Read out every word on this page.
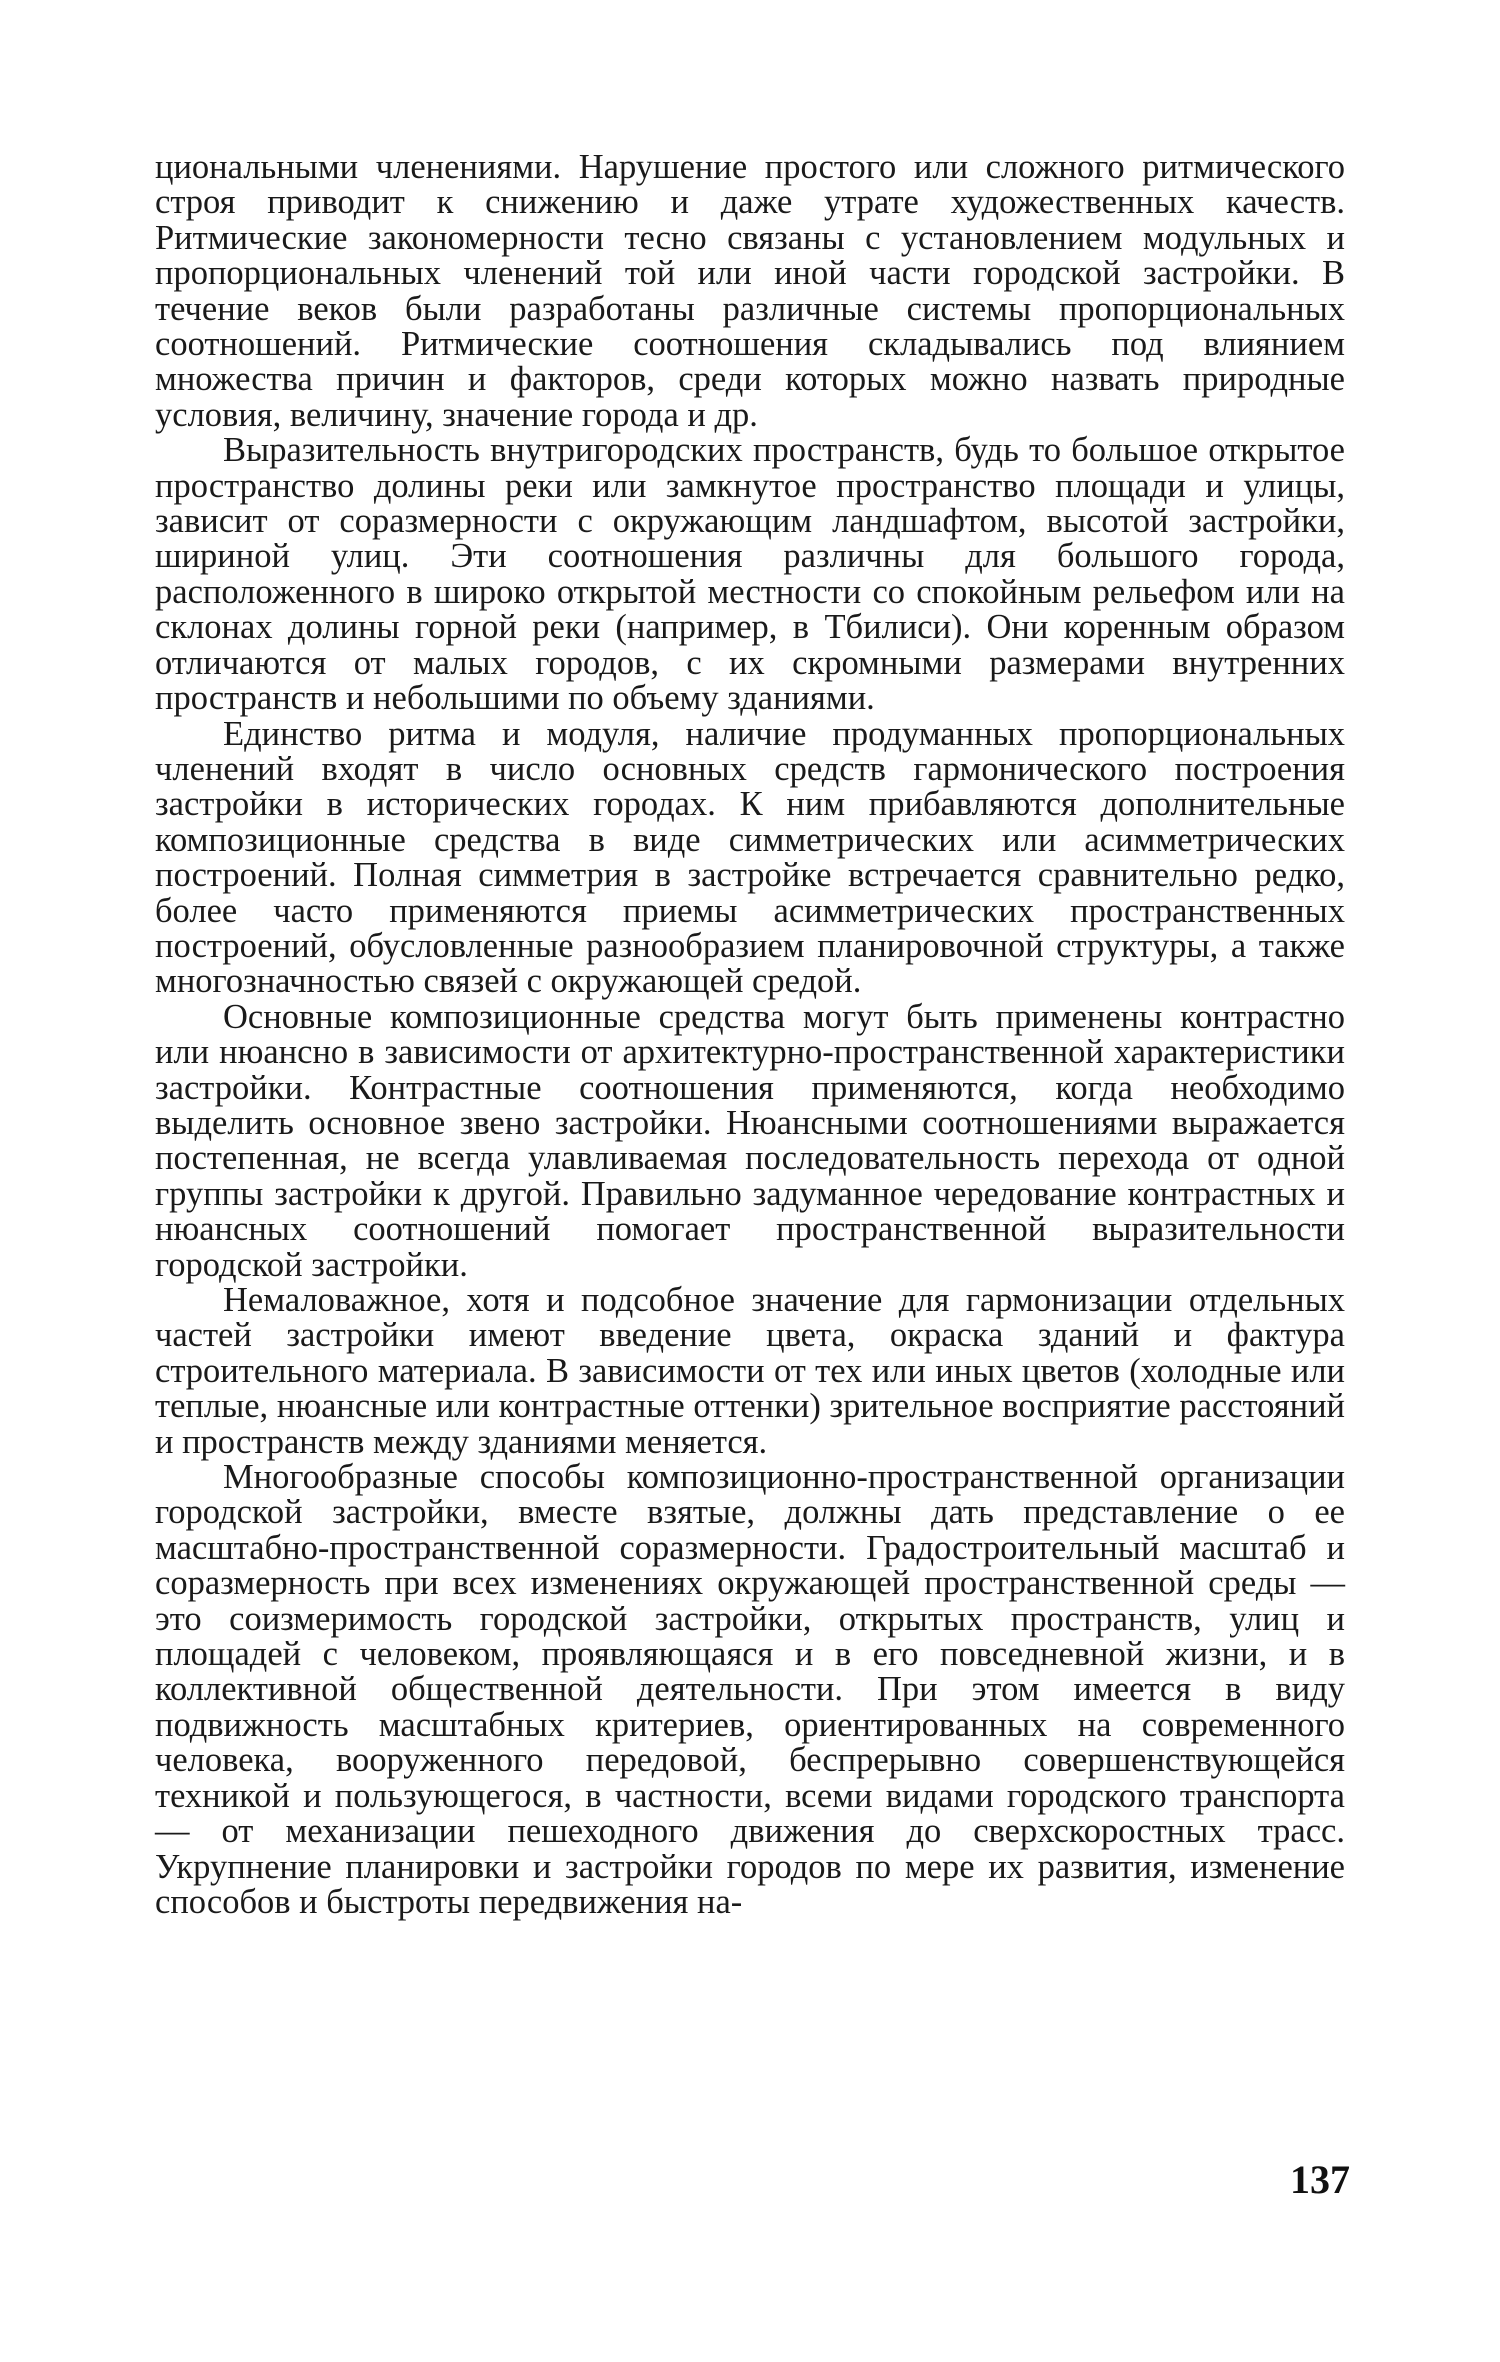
циональными членениями. Нарушение простого или сложного ритмического строя приводит к снижению и даже утрате художественных качеств. Ритмические закономерности тесно связаны с установлением модульных и пропорциональных членений той или иной части городской застройки. В течение веков были разработаны различные системы пропорциональных соотношений. Ритмические соотношения складывались под влиянием множества причин и факторов, среди которых можно назвать природные условия, величину, значение города и др.

Выразительность внутригородских пространств, будь то большое открытое пространство долины реки или замкнутое пространство площади и улицы, зависит от соразмерности с окружающим ландшафтом, высотой застройки, шириной улиц. Эти соотношения различны для большого города, расположенного в широко открытой местности со спокойным рельефом или на склонах долины горной реки (например, в Тбилиси). Они коренным образом отличаются от малых городов, с их скромными размерами внутренних пространств и небольшими по объему зданиями.

Единство ритма и модуля, наличие продуманных пропорциональных членений входят в число основных средств гармонического построения застройки в исторических городах. К ним прибавляются дополнительные композиционные средства в виде симметрических или асимметрических построений. Полная симметрия в застройке встречается сравнительно редко, более часто применяются приемы асимметрических пространственных построений, обусловленные разнообразием планировочной структуры, а также многозначностью связей с окружающей средой.

Основные композиционные средства могут быть применены контрастно или нюансно в зависимости от архитектурно-пространственной характеристики застройки. Контрастные соотношения применяются, когда необходимо выделить основное звено застройки. Нюансными соотношениями выражается постепенная, не всегда улавливаемая последовательность перехода от одной группы застройки к другой. Правильно задуманное чередование контрастных и нюансных соотношений помогает пространственной выразительности городской застройки.

Немаловажное, хотя и подсобное значение для гармонизации отдельных частей застройки имеют введение цвета, окраска зданий и фактура строительного материала. В зависимости от тех или иных цветов (холодные или теплые, нюансные или контрастные оттенки) зрительное восприятие расстояний и пространств между зданиями меняется.

Многообразные способы композиционно-пространственной организации городской застройки, вместе взятые, должны дать представление о ее масштабно-пространственной соразмерности. Градостроительный масштаб и соразмерность при всех изменениях окружающей пространственной среды — это соизмеримость городской застройки, открытых пространств, улиц и площадей с человеком, проявляющаяся и в его повседневной жизни, и в коллективной общественной деятельности. При этом имеется в виду подвижность масштабных критериев, ориентированных на современного человека, вооруженного передовой, беспрерывно совершенствующейся техникой и пользующегося, в частности, всеми видами городского транспорта — от механизации пешеходного движения до сверхскоростных трасс. Укрупнение планировки и застройки городов по мере их развития, изменение способов и быстроты передвижения на-

137
